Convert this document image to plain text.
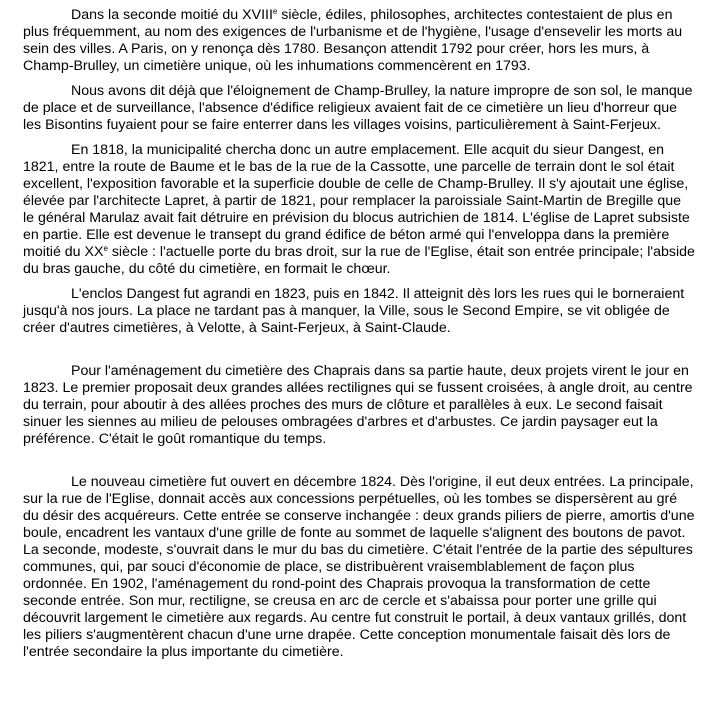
Dans la seconde moitié du XVIIIe siècle, édiles, philosophes, architectes contestaient de plus en plus fréquemment, au nom des exigences de l'urbanisme et de l'hygiène, l'usage d'ensevelir les morts au sein des villes. A Paris, on y renonça dès 1780. Besançon attendit 1792 pour créer, hors les murs, à Champ-Brulley, un cimetière unique, où les inhumations commencèrent en 1793.

Nous avons dit déjà que l'éloignement de Champ-Brulley, la nature impropre de son sol, le manque de place et de surveillance, l'absence d'édifice religieux avaient fait de ce cimetière un lieu d'horreur que les Bisontins fuyaient pour se faire enterrer dans les villages voisins, particulièrement à Saint-Ferjeux.

En 1818, la municipalité chercha donc un autre emplacement. Elle acquit du sieur Dangest, en 1821, entre la route de Baume et le bas de la rue de la Cassotte, une parcelle de terrain dont le sol était excellent, l'exposition favorable et la superficie double de celle de Champ-Brulley. Il s'y ajoutait une église, élevée par l'architecte Lapret, à partir de 1821, pour remplacer la paroissiale Saint-Martin de Bregille que le général Marulaz avait fait détruire en prévision du blocus autrichien de 1814. L'église de Lapret subsiste en partie. Elle est devenue le transept du grand édifice de béton armé qui l'enveloppa dans la première moitié du XXe siècle : l'actuelle porte du bras droit, sur la rue de l'Eglise, était son entrée principale; l'abside du bras gauche, du côté du cimetière, en formait le chœur.

L'enclos Dangest fut agrandi en 1823, puis en 1842. Il atteignit dès lors les rues qui le borneraient jusqu'à nos jours. La place ne tardant pas à manquer, la Ville, sous le Second Empire, se vit obligée de créer d'autres cimetières, à Velotte, à Saint-Ferjeux, à Saint-Claude.

Pour l'aménagement du cimetière des Chaprais dans sa partie haute, deux projets virent le jour en 1823. Le premier proposait deux grandes allées rectilignes qui se fussent croisées, à angle droit, au centre du terrain, pour aboutir à des allées proches des murs de clôture et parallèles à eux. Le second faisait sinuer les siennes au milieu de pelouses ombragées d'arbres et d'arbustes. Ce jardin paysager eut la préférence. C'était le goût romantique du temps.

Le nouveau cimetière fut ouvert en décembre 1824. Dès l'origine, il eut deux entrées. La principale, sur la rue de l'Eglise, donnait accès aux concessions perpétuelles, où les tombes se dispersèrent au gré du désir des acquéreurs. Cette entrée se conserve inchangée : deux grands piliers de pierre, amortis d'une boule, encadrent les vantaux d'une grille de fonte au sommet de laquelle s'alignent des boutons de pavot. La seconde, modeste, s'ouvrait dans le mur du bas du cimetière. C'était l'entrée de la partie des sépultures communes, qui, par souci d'économie de place, se distribuèrent vraisemblablement de façon plus ordonnée. En 1902, l'aménagement du rond-point des Chaprais provoqua la transformation de cette seconde entrée. Son mur, rectiligne, se creusa en arc de cercle et s'abaissa pour porter une grille qui découvrit largement le cimetière aux regards. Au centre fut construit le portail, à deux vantaux grillés, dont les piliers s'augmentèrent chacun d'une urne drapée. Cette conception monumentale faisait dès lors de l'entrée secondaire la plus importante du cimetière.
